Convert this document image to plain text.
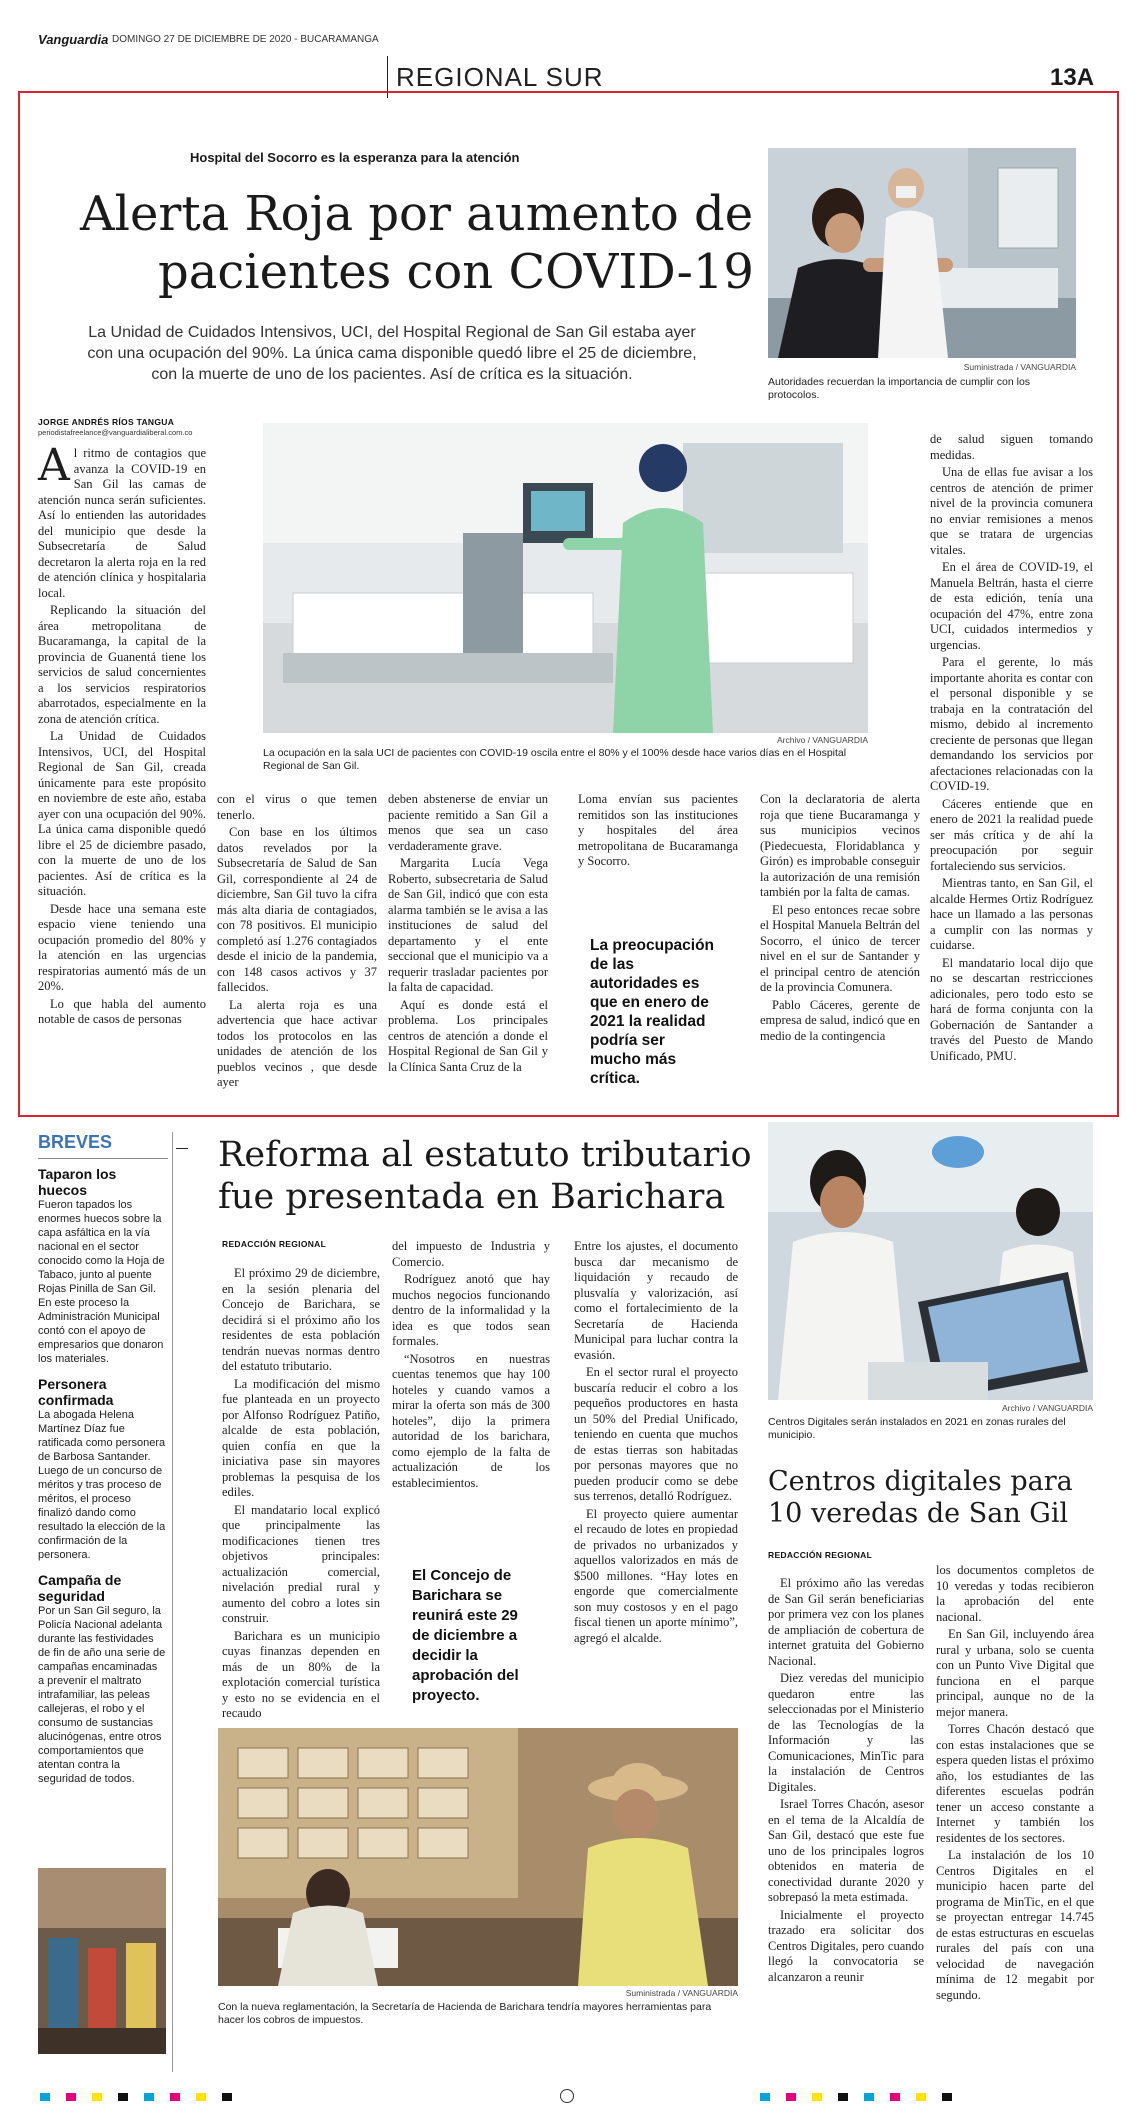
Vanguardia DOMINGO 27 DE DICIEMBRE DE 2020 - BUCARAMANGA
REGIONAL SUR	13A
Hospital del Socorro es la esperanza para la atención
Alerta Roja por aumento de
pacientes con COVID-19
La Unidad de Cuidados Intensivos, UCI, del Hospital Regional de San Gil estaba ayer con una ocupación del 90%. La única cama disponible quedó libre el 25 de diciembre, con la muerte de uno de los pacientes. Así de crítica es la situación.	Suministrada / VANGUARDIA
Autoridades recuerdan la importancia de cumplir con los protocolos.
JORGE ANDRÉS RÍOS TANGUA
periodistafreelance@vanguardialiberal.com.co
Archivo / VANGUARDIA
La ocupación en la sala UCI de pacientes con COVID-19 oscila entre el 80% y el 100% desde hace varios días en el Hospital Regional de San Gil.

Al ritmo de contagios que avanza la COVID-19 en San Gil las camas de atención nunca serán suficientes. Así lo entienden las autoridades del municipio que desde la Subsecretaría de Salud decretaron la alerta roja en la red de atención clínica y hospitalaria local.

Replicando la situación del área metropolitana de Bucaramanga, la capital de la provincia de Guanentá tiene los servicios de salud concernientes a los servicios respiratorios abarrotados, especialmente en la zona de atención crítica.

La Unidad de Cuidados Intensivos, UCI, del Hospital Regional de San Gil, creada únicamente para este propósito en noviembre de este año, estaba ayer con una ocupación del 90%. La única cama disponible quedó libre el 25 de diciembre pasado, con la muerte de uno de los pacientes. Así de crítica es la situación.

Desde hace una semana este espacio viene teniendo una ocupación promedio del 80% y la atención en las urgencias respiratorias aumentó más de un 20%.

Lo que habla del aumento notable de casos de personas

con el virus o que temen tenerlo.

Con base en los últimos datos revelados por la Subsecretaría de Salud de San Gil, correspondiente al 24 de diciembre, San Gil tuvo la cifra más alta diaria de contagiados, con 78 positivos. El municipio completó así 1.276 contagiados desde el inicio de la pandemia, con 148 casos activos y 37 fallecidos.

La alerta roja es una advertencia que hace activar todos los protocolos en las unidades de atención de los pueblos vecinos , que desde ayer

deben abstenerse de enviar un paciente remitido a San Gil a menos que sea un caso verdaderamente grave.

Margarita Lucía Vega Roberto, subsecretaria de Salud de San Gil, indicó que con esta alarma también se le avisa a las instituciones de salud del departamento y el ente seccional que el municipio va a requerir trasladar pacientes por la falta de capacidad.

Aquí es donde está el problema. Los principales centros de atención a donde el Hospital Regional de San Gil y la Clínica Santa Cruz de la

Loma envían sus pacientes remitidos son las instituciones y hospitales del área metropolitana de Bucaramanga y Socorro.

La preocupación de las autoridades es que en enero de 2021 la realidad podría ser mucho más crítica.

Con la declaratoria de alerta roja que tiene Bucaramanga y sus municipios vecinos (Piedecuesta, Floridablanca y Girón) es improbable conseguir la autorización de una remisión también por la falta de camas.

El peso entonces recae sobre el Hospital Manuela Beltrán del Socorro, el único de tercer nivel en el sur de Santander y el principal centro de atención de la provincia Comunera.

Pablo Cáceres, gerente de empresa de salud, indicó que en medio de la contingencia

de salud siguen tomando medidas.

Una de ellas fue avisar a los centros de atención de primer nivel de la provincia comunera no enviar remisiones a menos que se tratara de urgencias vitales.

En el área de COVID-19, el Manuela Beltrán, hasta el cierre de esta edición, tenía una ocupación del 47%, entre zona UCI, cuidados intermedios y urgencias.

Para el gerente, lo más importante ahorita es contar con el personal disponible y se trabaja en la contratación del mismo, debido al incremento creciente de personas que llegan demandando los servicios por afectaciones relacionadas con la COVID-19.

Cáceres entiende que en enero de 2021 la realidad puede ser más crítica y de ahí la preocupación por seguir fortaleciendo sus servicios.

Mientras tanto, en San Gil, el alcalde Hermes Ortiz Rodríguez hace un llamado a las personas a cumplir con las normas y cuidarse.

El mandatario local dijo que no se descartan restricciones adicionales, pero todo esto se hará de forma conjunta con la Gobernación de Santander a través del Puesto de Mando Unificado, PMU.

BREVES
Taparon los huecos
Fueron tapados los enormes huecos sobre la capa asfáltica en la vía nacional en el sector conocido como la Hoja de Tabaco, junto al puente Rojas Pinilla de San Gil. En este proceso la Administración Municipal contó con el apoyo de empresarios que donaron los materiales.
Personera confirmada
La abogada Helena Martínez Díaz fue ratificada como personera de Barbosa Santander. Luego de un concurso de méritos y tras proceso de méritos, el proceso finalizó dando como resultado la elección de la confirmación de la personera.
Campaña de seguridad
Por un San Gil seguro, la Policía Nacional adelanta durante las festividades de fin de año una serie de campañas encaminadas a prevenir el maltrato intrafamiliar, las peleas callejeras, el robo y el consumo de sustancias alucinógenas, entre otros comportamientos que atentan contra la seguridad de todos.
Reforma al estatuto tributario
fue presentada en Barichara
REDACCIÓN REGIONAL

El próximo 29 de diciembre, en la sesión plenaria del Concejo de Barichara, se decidirá si el próximo año los residentes de esta población tendrán nuevas normas dentro del estatuto tributario.

La modificación del mismo fue planteada en un proyecto por Alfonso Rodríguez Patiño, alcalde de esta población, quien confía en que la iniciativa pase sin mayores problemas la pesquisa de los ediles.

El mandatario local explicó que principalmente las modificaciones tienen tres objetivos principales: actualización comercial, nivelación predial rural y aumento del cobro a lotes sin construir.

Barichara es un municipio cuyas finanzas dependen en más de un 80% de la explotación comercial turística y esto no se evidencia en el recaudo

del impuesto de Industria y Comercio.

Rodríguez anotó que hay muchos negocios funcionando dentro de la informalidad y la idea es que todos sean formales.

“Nosotros en nuestras cuentas tenemos que hay 100 hoteles y cuando vamos a mirar la oferta son más de 300 hoteles”, dijo la primera autoridad de los barichara, como ejemplo de la falta de actualización de los establecimientos.

El Concejo de Barichara se reunirá este 29 de diciembre a decidir la aprobación del proyecto.

Entre los ajustes, el documento busca dar mecanismo de liquidación y recaudo de plusvalía y valorización, así como el fortalecimiento de la Secretaría de Hacienda Municipal para luchar contra la evasión.

En el sector rural el proyecto buscaría reducir el cobro a los pequeños productores en hasta un 50% del Predial Unificado, teniendo en cuenta que muchos de estas tierras son habitadas por personas mayores que no pueden producir como se debe sus terrenos, detalló Rodríguez.

El proyecto quiere aumentar el recaudo de lotes en propiedad de privados no urbanizados y aquellos valorizados en más de $500 millones. “Hay lotes en engorde que comercialmente son muy costosos y en el pago fiscal tienen un aporte mínimo”, agregó el alcalde.

Suministrada / VANGUARDIA
Con la nueva reglamentación, la Secretaría de Hacienda de Barichara tendría mayores herramientas para hacer los cobros de impuestos.
Archivo / VANGUARDIA
Centros Digitales serán instalados en 2021 en zonas rurales del municipio.
Centros digitales para
10 veredas de San Gil
REDACCIÓN REGIONAL

El próximo año las veredas de San Gil serán beneficiarias por primera vez con los planes de ampliación de cobertura de internet gratuita del Gobierno Nacional.

Diez veredas del municipio quedaron entre las seleccionadas por el Ministerio de las Tecnologías de la Información y las Comunicaciones, MinTic para la instalación de Centros Digitales.

Israel Torres Chacón, asesor en el tema de la Alcaldía de San Gil, destacó que este fue uno de los principales logros obtenidos en materia de conectividad durante 2020 y sobrepasó la meta estimada.

Inicialmente el proyecto trazado era solicitar dos Centros Digitales, pero cuando llegó la convocatoria se alcanzaron a reunir

los documentos completos de 10 veredas y todas recibieron la aprobación del ente nacional.

En San Gil, incluyendo área rural y urbana, solo se cuenta con un Punto Vive Digital que funciona en el parque principal, aunque no de la mejor manera.

Torres Chacón destacó que con estas instalaciones que se espera queden listas el próximo año, los estudiantes de las diferentes escuelas podrán tener un acceso constante a Internet y también los residentes de los sectores.

La instalación de los 10 Centros Digitales en el municipio hacen parte del programa de MinTic, en el que se proyectan entregar 14.745 de estas estructuras en escuelas rurales del país con una velocidad de navegación mínima de 12 megabit por segundo.
